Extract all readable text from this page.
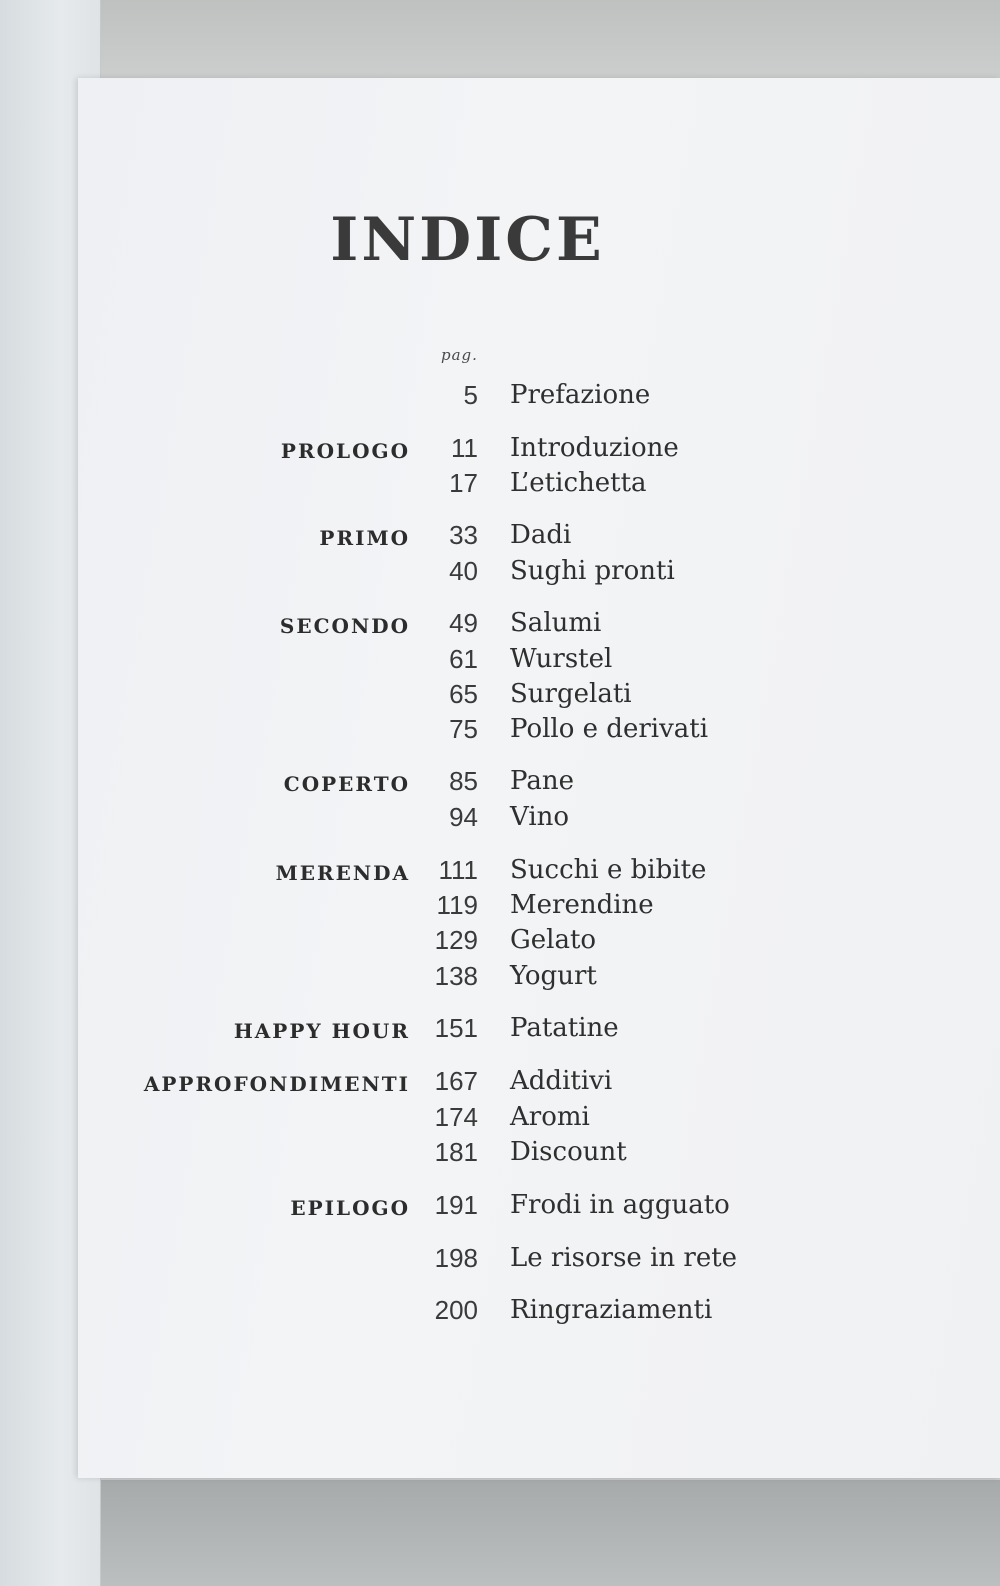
INDICE
pag.
5 Prefazione
PROLOGO 11 Introduzione
17 L’etichetta
PRIMO 33 Dadi
40 Sughi pronti
SECONDO 49 Salumi
61 Wurstel
65 Surgelati
75 Pollo e derivati
COPERTO 85 Pane
94 Vino
MERENDA 111 Succhi e bibite
119 Merendine
129 Gelato
138 Yogurt
HAPPY HOUR 151 Patatine
APPROFONDIMENTI 167 Additivi
174 Aromi
181 Discount
EPILOGO 191 Frodi in agguato
198 Le risorse in rete
200 Ringraziamenti
